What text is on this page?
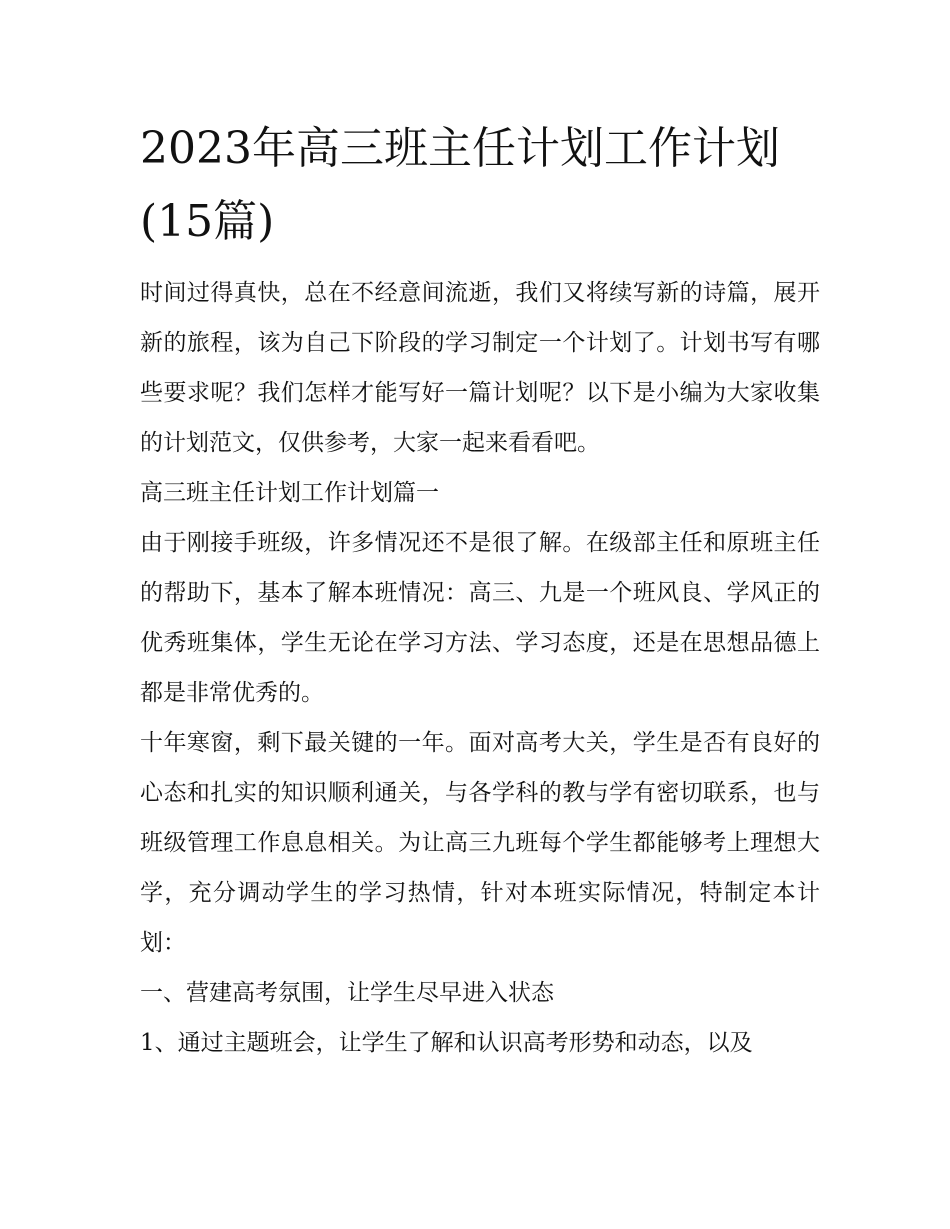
2023年高三班主任计划工作计划(15篇)

时间过得真快，总在不经意间流逝，我们又将续写新的诗篇，展开新的旅程，该为自己下阶段的学习制定一个计划了。计划书写有哪些要求呢？我们怎样才能写好一篇计划呢？以下是小编为大家收集的计划范文，仅供参考，大家一起来看看吧。

高三班主任计划工作计划篇一

由于刚接手班级，许多情况还不是很了解。在级部主任和原班主任的帮助下，基本了解本班情况：高三、九是一个班风良、学风正的优秀班集体，学生无论在学习方法、学习态度，还是在思想品德上都是非常优秀的。

十年寒窗，剩下最关键的一年。面对高考大关，学生是否有良好的心态和扎实的知识顺利通关，与各学科的教与学有密切联系，也与班级管理工作息息相关。为让高三九班每个学生都能够考上理想大学，充分调动学生的学习热情，针对本班实际情况，特制定本计划：

一、营建高考氛围，让学生尽早进入状态

1、通过主题班会，让学生了解和认识高考形势和动态，以及
